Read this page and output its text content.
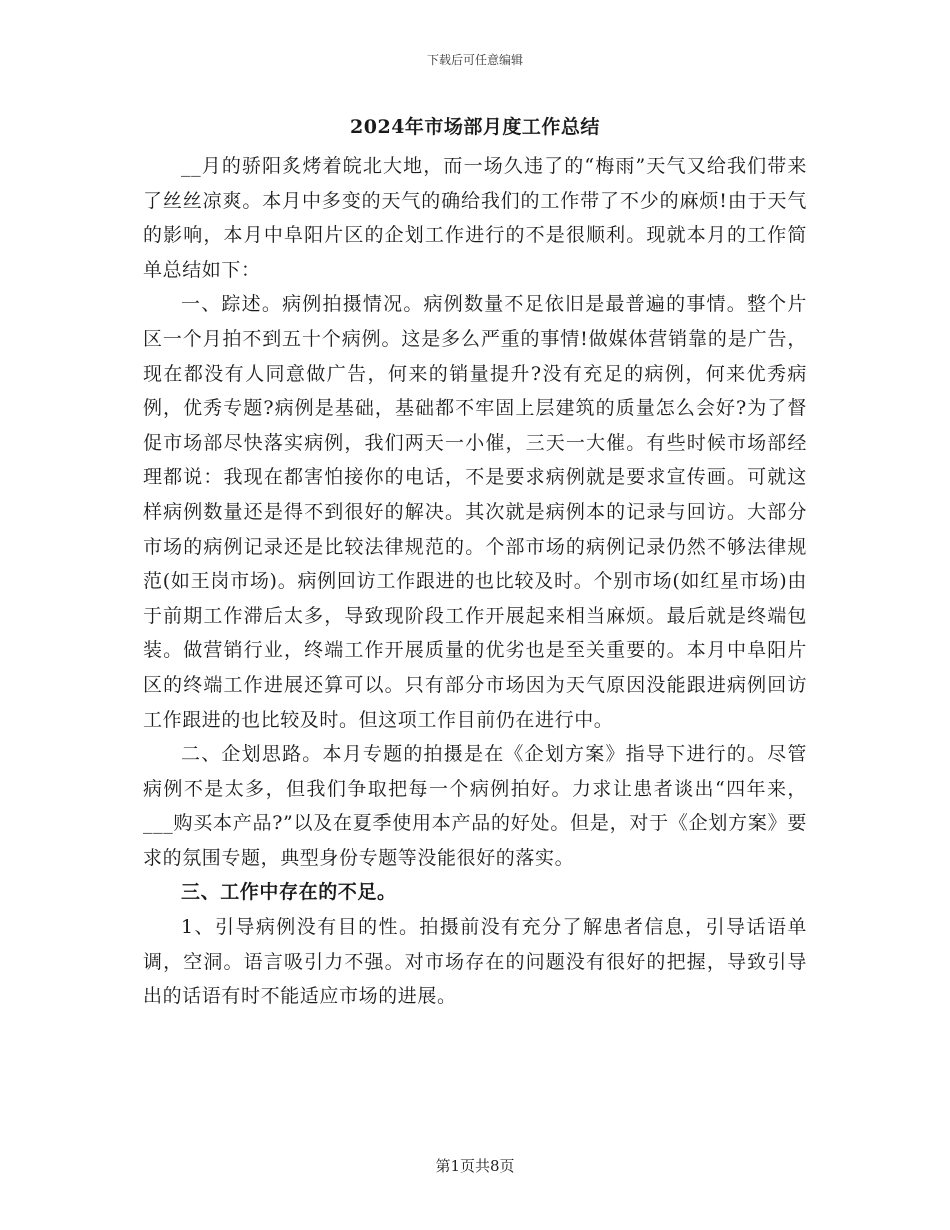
下载后可任意编辑
2024年市场部月度工作总结

__月的骄阳炙烤着皖北大地，而一场久违了的“梅雨”天气又给我们带来了丝丝凉爽。本月中多变的天气的确给我们的工作带了不少的麻烦!由于天气的影响，本月中阜阳片区的企划工作进行的不是很顺利。现就本月的工作简单总结如下：

一、踪述。病例拍摄情况。病例数量不足依旧是最普遍的事情。整个片区一个月拍不到五十个病例。这是多么严重的事情!做媒体营销靠的是广告，现在都没有人同意做广告，何来的销量提升?没有充足的病例，何来优秀病例，优秀专题?病例是基础，基础都不牢固上层建筑的质量怎么会好?为了督促市场部尽快落实病例，我们两天一小催，三天一大催。有些时候市场部经理都说：我现在都害怕接你的电话，不是要求病例就是要求宣传画。可就这样病例数量还是得不到很好的解决。其次就是病例本的记录与回访。大部分市场的病例记录还是比较法律规范的。个部市场的病例记录仍然不够法律规范(如王岗市场)。病例回访工作跟进的也比较及时。个别市场(如红星市场)由于前期工作滞后太多，导致现阶段工作开展起来相当麻烦。最后就是终端包装。做营销行业，终端工作开展质量的优劣也是至关重要的。本月中阜阳片区的终端工作进展还算可以。只有部分市场因为天气原因没能跟进病例回访工作跟进的也比较及时。但这项工作目前仍在进行中。

二、企划思路。本月专题的拍摄是在《企划方案》指导下进行的。尽管病例不是太多，但我们争取把每一个病例拍好。力求让患者谈出“四年来，___购买本产品?”以及在夏季使用本产品的好处。但是，对于《企划方案》要求的氛围专题，典型身份专题等没能很好的落实。

三、工作中存在的不足。

1、引导病例没有目的性。拍摄前没有充分了解患者信息，引导话语单调，空洞。语言吸引力不强。对市场存在的问题没有很好的把握，导致引导出的话语有时不能适应市场的进展。

第1页共8页
